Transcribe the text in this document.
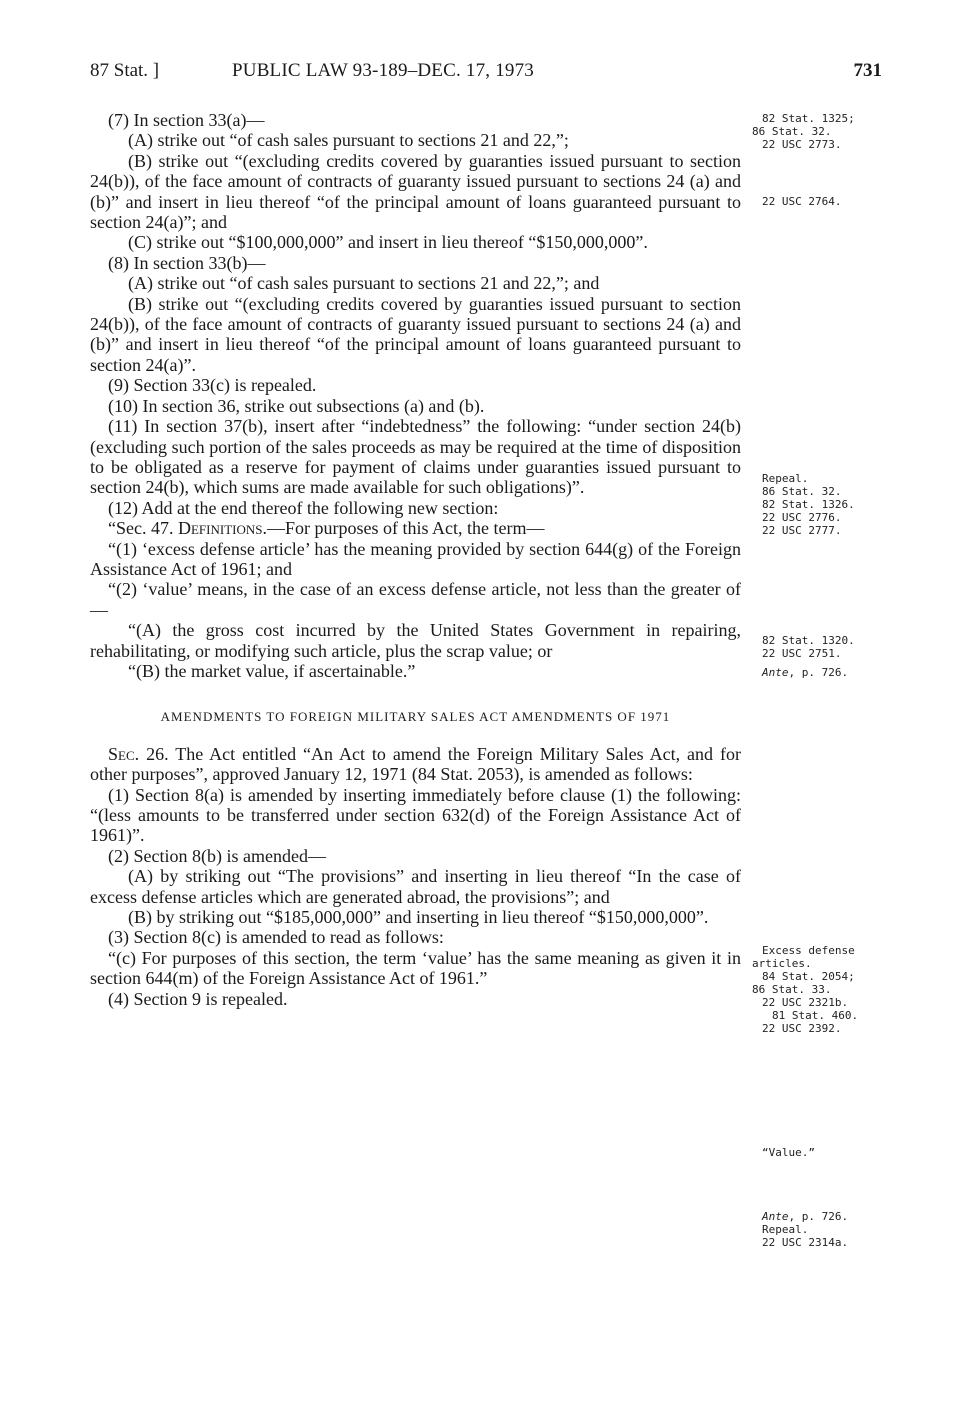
87 Stat. ]	PUBLIC LAW 93-189–DEC. 17, 1973	731

(7) In section 33(a)—

(A) strike out “of cash sales pursuant to sections 21 and 22,”;

(B) strike out “(excluding credits covered by guaranties issued pursuant to section 24(b)), of the face amount of contracts of guaranty issued pursuant to sections 24 (a) and (b)” and insert in lieu thereof “of the principal amount of loans guaranteed pursuant to section 24(a)”; and

(C) strike out “$100,000,000” and insert in lieu thereof “$150,000,000”.

(8) In section 33(b)—

(A) strike out “of cash sales pursuant to sections 21 and 22,”; and

(B) strike out “(excluding credits covered by guaranties issued pursuant to section 24(b)), of the face amount of contracts of guaranty issued pursuant to sections 24 (a) and (b)” and insert in lieu thereof “of the principal amount of loans guaranteed pursuant to section 24(a)”.

(9) Section 33(c) is repealed.

(10) In section 36, strike out subsections (a) and (b).

(11) In section 37(b), insert after “indebtedness” the following: “under section 24(b) (excluding such portion of the sales proceeds as may be required at the time of disposition to be obligated as a reserve for payment of claims under guaranties issued pursuant to section 24(b), which sums are made available for such obligations)”.

(12) Add at the end thereof the following new section:

“Sec. 47. Definitions.—For purposes of this Act, the term—

“(1) ‘excess defense article’ has the meaning provided by section 644(g) of the Foreign Assistance Act of 1961; and

“(2) ‘value’ means, in the case of an excess defense article, not less than the greater of—

“(A) the gross cost incurred by the United States Government in repairing, rehabilitating, or modifying such article, plus the scrap value; or

“(B) the market value, if ascertainable.”

AMENDMENTS TO FOREIGN MILITARY SALES ACT AMENDMENTS OF 1971

Sec. 26. The Act entitled “An Act to amend the Foreign Military Sales Act, and for other purposes”, approved January 12, 1971 (84 Stat. 2053), is amended as follows:

(1) Section 8(a) is amended by inserting immediately before clause (1) the following: “(less amounts to be transferred under section 632(d) of the Foreign Assistance Act of 1961)”.

(2) Section 8(b) is amended—

(A) by striking out “The provisions” and inserting in lieu thereof “In the case of excess defense articles which are generated abroad, the provisions”; and

(B) by striking out “$185,000,000” and inserting in lieu thereof “$150,000,000”.

(3) Section 8(c) is amended to read as follows:

“(c) For purposes of this section, the term ‘value’ has the same meaning as given it in section 644(m) of the Foreign Assistance Act of 1961.”

(4) Section 9 is repealed.

82 Stat. 1325;
86 Stat. 32.
22 USC 2773.
22 USC 2764.
Repeal.
86 Stat. 32.
82 Stat. 1326.
22 USC 2776.
22 USC 2777.
82 Stat. 1320.
22 USC 2751.
Ante, p. 726.
Excess defense
articles.
84 Stat. 2054;
86 Stat. 33.
22 USC 2321b.
81 Stat. 460.
22 USC 2392.
“Value.”
Ante, p. 726.
Repeal.
22 USC 2314a.
